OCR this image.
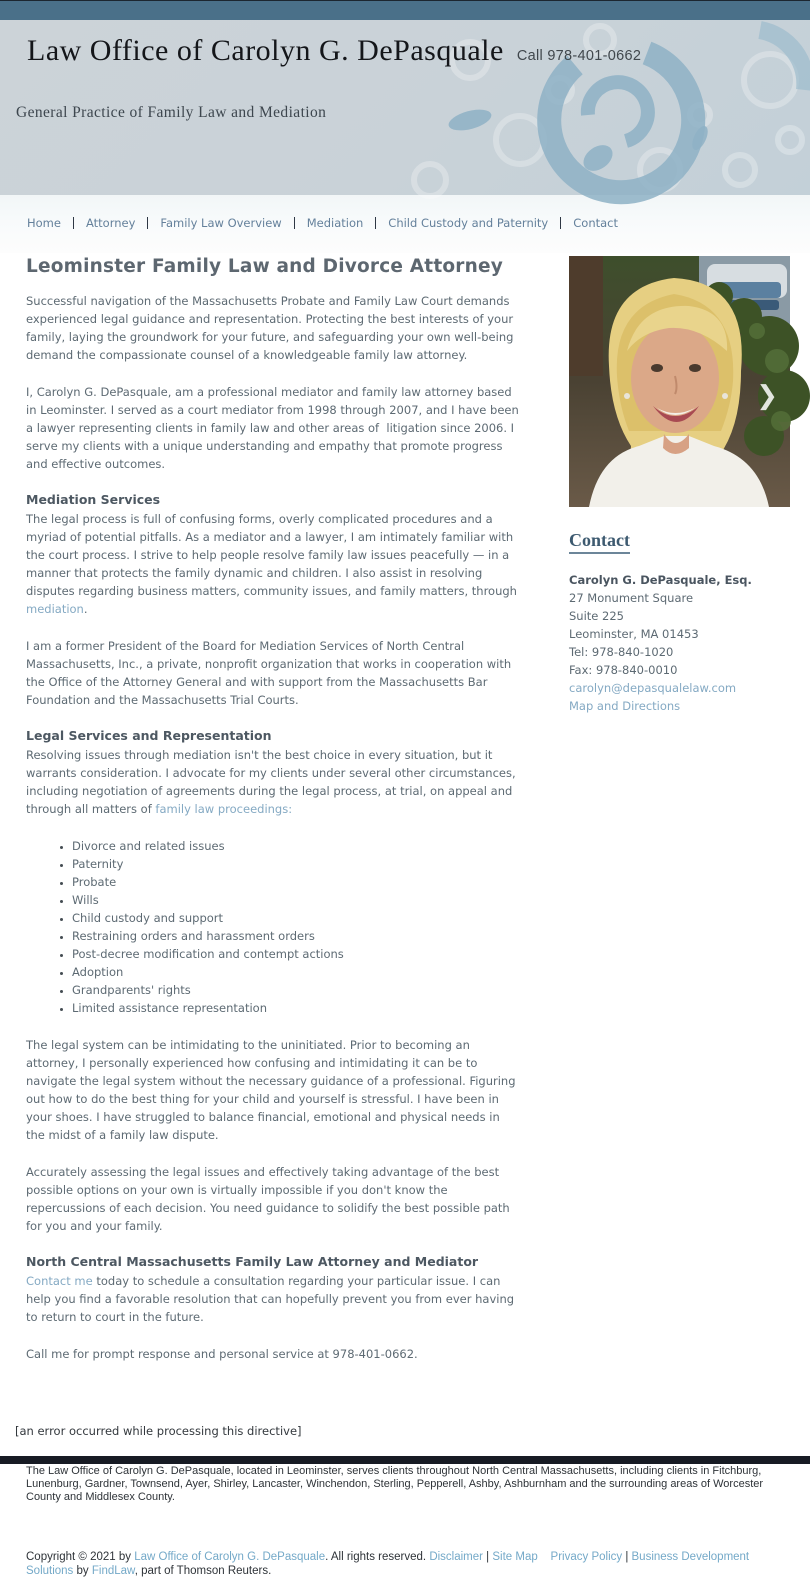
Law Office of Carolyn G. DePasquale Call 978-401-0662
General Practice of Family Law and Mediation
Home Attorney Family Law Overview Mediation Child Custody and Paternity Contact
Leominster Family Law and Divorce Attorney

Successful navigation of the Massachusetts Probate and Family Law Court demands experienced legal guidance and representation. Protecting the best interests of your family, laying the groundwork for your future, and safeguarding your own well-being demand the compassionate counsel of a knowledgeable family law attorney.

I, Carolyn G. DePasquale, am a professional mediator and family law attorney based in Leominster. I served as a court mediator from 1998 through 2007, and I have been a lawyer representing clients in family law and other areas of  litigation since 2006. I serve my clients with a unique understanding and empathy that promote progress and effective outcomes.

Mediation Services

The legal process is full of confusing forms, overly complicated procedures and a myriad of potential pitfalls. As a mediator and a lawyer, I am intimately familiar with the court process. I strive to help people resolve family law issues peacefully — in a manner that protects the family dynamic and children. I also assist in resolving disputes regarding business matters, community issues, and family matters, through mediation.

I am a former President of the Board for Mediation Services of North Central Massachusetts, Inc., a private, nonprofit organization that works in cooperation with the Office of the Attorney General and with support from the Massachusetts Bar Foundation and the Massachusetts Trial Courts.

Legal Services and Representation

Resolving issues through mediation isn't the best choice in every situation, but it warrants consideration. I advocate for my clients under several other circumstances, including negotiation of agreements during the legal process, at trial, on appeal and through all matters of family law proceedings:

• Divorce and related issues
• Paternity
• Probate
• Wills
• Child custody and support
• Restraining orders and harassment orders
• Post-decree modification and contempt actions
• Adoption
• Grandparents' rights
• Limited assistance representation

The legal system can be intimidating to the uninitiated. Prior to becoming an attorney, I personally experienced how confusing and intimidating it can be to navigate the legal system without the necessary guidance of a professional. Figuring out how to do the best thing for your child and yourself is stressful. I have been in your shoes. I have struggled to balance financial, emotional and physical needs in the midst of a family law dispute.

Accurately assessing the legal issues and effectively taking advantage of the best possible options on your own is virtually impossible if you don't know the repercussions of each decision. You need guidance to solidify the best possible path for you and your family.

North Central Massachusetts Family Law Attorney and Mediator

Contact me today to schedule a consultation regarding your particular issue. I can help you find a favorable resolution that can hopefully prevent you from ever having to return to court in the future.

Call me for prompt response and personal service at 978-401-0662.

❯
Contact
Carolyn G. DePasquale, Esq.
27 Monument Square
Suite 225
Leominster, MA 01453
Tel: 978-840-1020
Fax: 978-840-0010
carolyn@depasqualelaw.com
Map and Directions
[an error occurred while processing this directive]
The Law Office of Carolyn G. DePasquale, located in Leominster, serves clients throughout North Central Massachusetts, including clients in Fitchburg, Lunenburg, Gardner, Townsend, Ayer, Shirley, Lancaster, Winchendon, Sterling, Pepperell, Ashby, Ashburnham and the surrounding areas of Worcester County and Middlesex County.
Copyright © 2021 by Law Office of Carolyn G. DePasquale. All rights reserved. Disclaimer | Site Map Privacy Policy | Business Development Solutions by FindLaw, part of Thomson Reuters.
